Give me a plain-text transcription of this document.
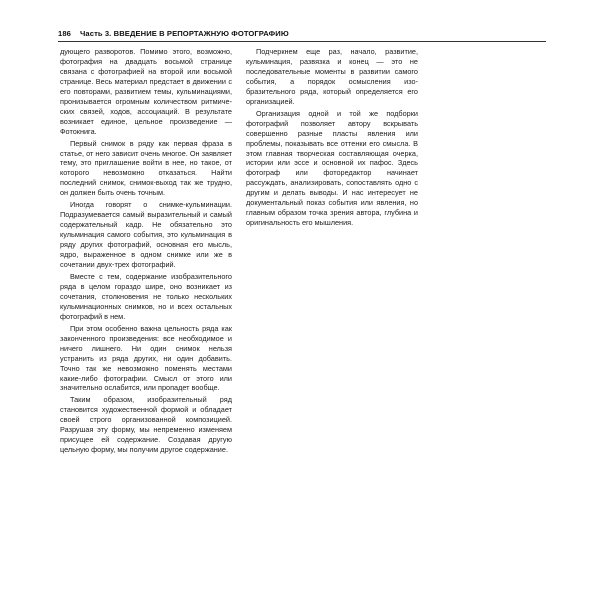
186 Часть 3. ВВЕДЕНИЕ В РЕПОРТАЖНУЮ ФОТОГРАФИЮ

дующего разворотов. Помимо этого, возможно, фотография на двадцать восьмой странице связана с фотографией на второй или восьмой странице. Весь материал предстает в движении с его повторами, развитием темы, кульминациями, пронизывается огромным количеством ритмических связей, ходов, ассоциаций. В результате возникает единое, цельное произведение — Фотокнига.

Первый снимок в ряду как первая фраза в статье, от него зависит очень многое. Он заявляет тему, это приглашение войти в нее, но такое, от которого невозможно отказаться. Найти последний снимок, снимок-выход так же трудно, он должен быть очень точным.

Иногда говорят о снимке-кульминации. Подразумевается самый выразительный и самый содержательный кадр. Не обязательно это кульминация самого события, это кульминация в ряду других фотографий, основная его мысль, ядро, выраженное в одном снимке или же в сочетании двух-трех фотографий.

Вместе с тем, содержание изобразительного ряда в целом гораздо шире, оно возникает из сочетания, столкновения не только нескольких кульминационных снимков, но и всех остальных фотографий в нем.

При этом особенно важна цельность ряда как законченного произведения: все необходимое и ничего лишнего. Ни один снимок нельзя устранить из ряда других, ни один добавить. Точно так же невозможно поменять местами какие-либо фотографии. Смысл от этого или значительно ослабится, или пропадет вообще.

Таким образом, изобразительный ряд становится художественной формой и обладает своей строго организованной композицией. Разрушая эту форму, мы непременно изменяем присущее ей содержание. Создавая другую цельную форму, мы получим другое содержание.

Подчеркнем еще раз, начало, развитие, кульминация, развязка и конец — это не последовательные моменты в развитии самого события, а порядок осмысления изобразительного ряда, который определяется его организацией.

Организация одной и той же подборки фотографий позволяет автору вскрывать совершенно разные пласты явления или проблемы, показывать все оттенки его смысла. В этом главная творческая составляющая очерка, истории или эссе и основной их пафос. Здесь фотограф или фоторедактор начинает рассуждать, анализировать, сопоставлять одно с другим и делать выводы. И нас интересует не документальный показ события или явления, но главным образом точка зрения автора, глубина и оригинальность его мышления.
